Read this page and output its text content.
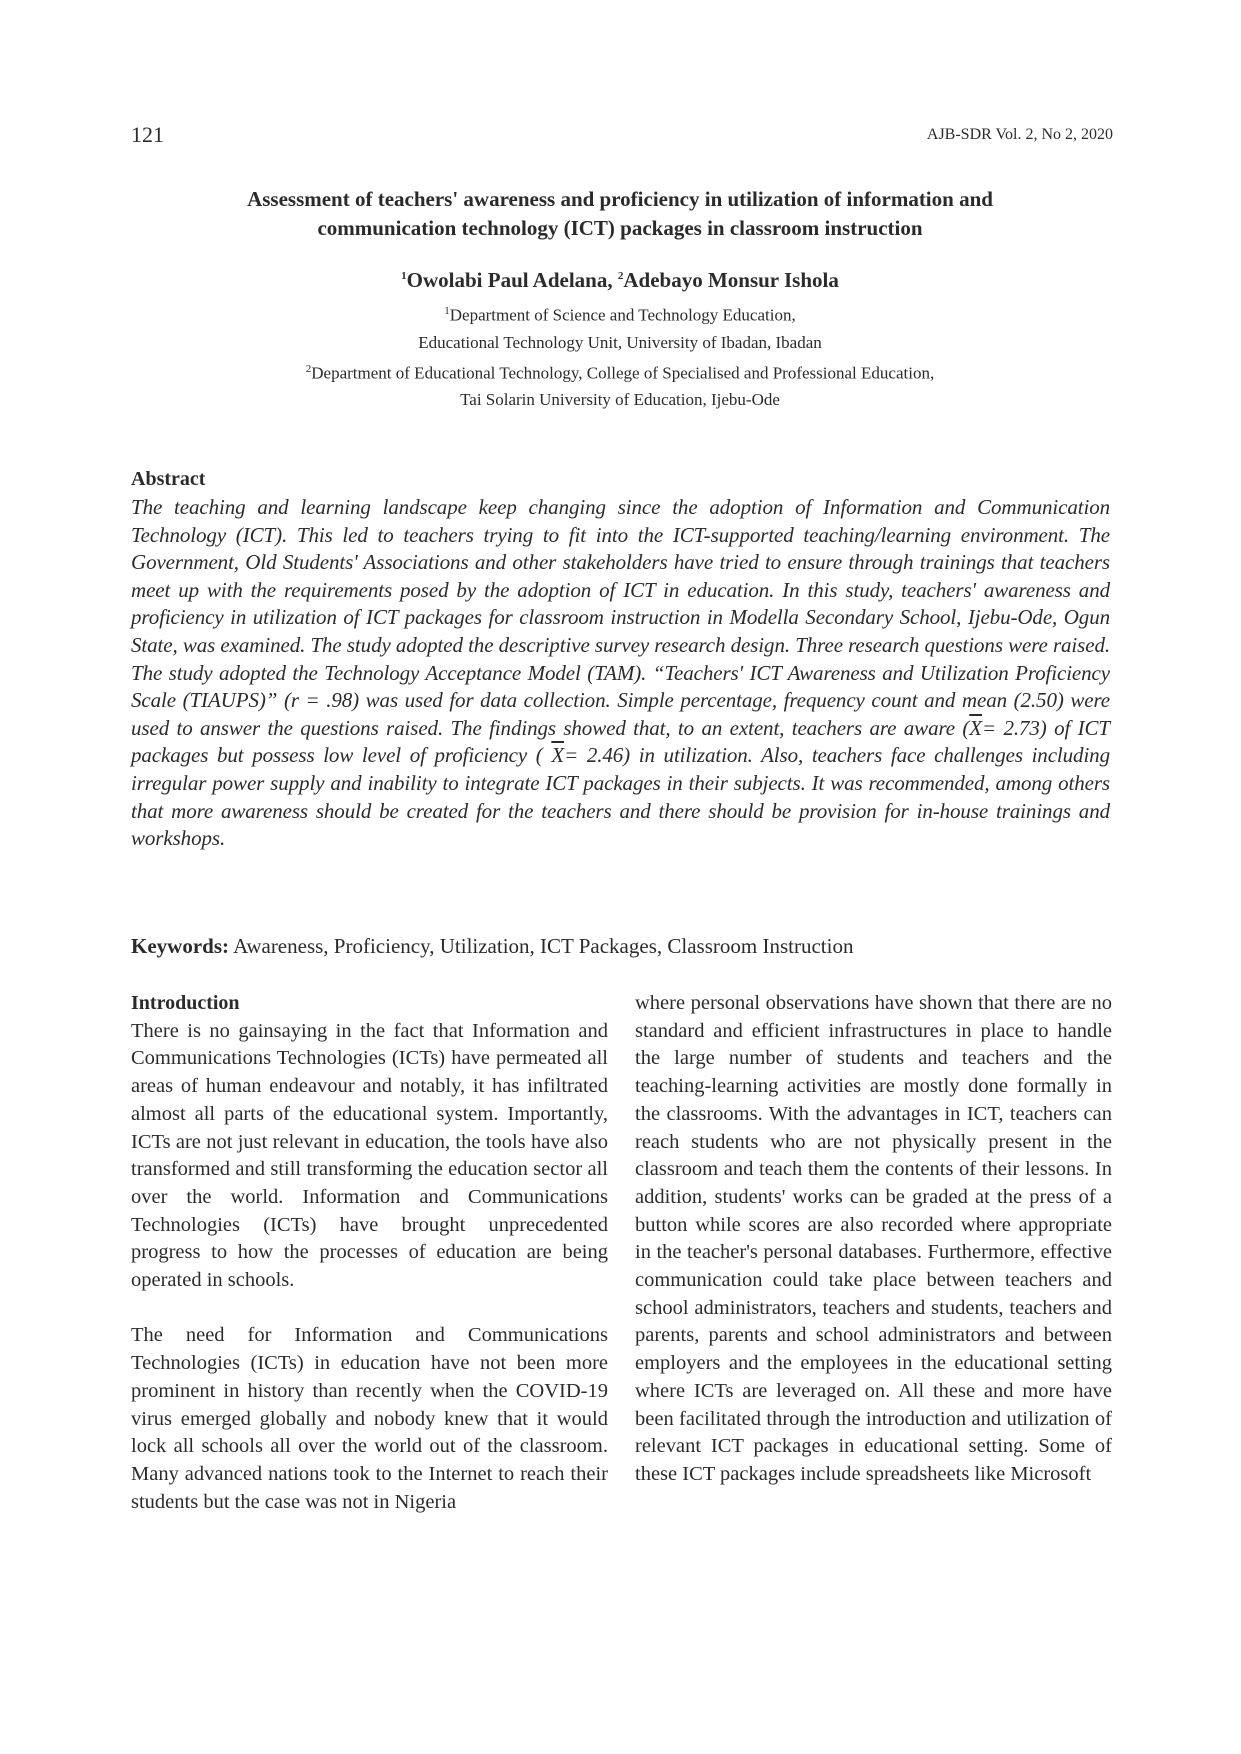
121	AJB-SDR Vol. 2, No 2, 2020
Assessment of teachers' awareness and proficiency in utilization of information and
communication technology (ICT) packages in classroom instruction
$^1$Owolabi Paul Adelana, $^2$Adebayo Monsur Ishola
$^1$Department of Science and Technology Education,
Educational Technology Unit, University of Ibadan, Ibadan
$^2$Department of Educational Technology, College of Specialised and Professional Education,
Tai Solarin University of Education, Ijebu-Ode
Abstract
The teaching and learning landscape keep changing since the adoption of Information and Communication Technology (ICT). This led to teachers trying to fit into the ICT-supported teaching/learning environment. The Government, Old Students' Associations and other stakeholders have tried to ensure through trainings that teachers meet up with the requirements posed by the adoption of ICT in education. In this study, teachers' awareness and proficiency in utilization of ICT packages for classroom instruction in Modella Secondary School, Ijebu-Ode, Ogun State, was examined. The study adopted the descriptive survey research design. Three research questions were raised. The study adopted the Technology Acceptance Model (TAM). “Teachers' ICT Awareness and Utilization Proficiency Scale (TIAUPS)” (r = .98) was used for data collection. Simple percentage, frequency count and mean (2.50) were used to answer the questions raised. The findings showed that, to an extent, teachers are aware $(\overline{X}= 2.73)$ of ICT packages but possess low level of proficiency ( $\overline{X}= 2.46$) in utilization. Also, teachers face challenges including irregular power supply and inability to integrate ICT packages in their subjects. It was recommended, among others that more awareness should be created for the teachers and there should be provision for in-house trainings and workshops.
Keywords: Awareness, Proficiency, Utilization, ICT Packages, Classroom Instruction
Introduction

There is no gainsaying in the fact that Information and Communications Technologies (ICTs) have permeated all areas of human endeavour and notably, it has infiltrated almost all parts of the educational system. Importantly, ICTs are not just relevant in education, the tools have also transformed and still transforming the education sector all over the world. Information and Communications Technologies (ICTs) have brought unprecedented progress to how the processes of education are being operated in schools.

The need for Information and Communications Technologies (ICTs) in education have not been more prominent in history than recently when the COVID-19 virus emerged globally and nobody knew that it would lock all schools all over the world out of the classroom. Many advanced nations took to the Internet to reach their students but the case was not in Nigeria

where personal observations have shown that there are no standard and efficient infrastructures in place to handle the large number of students and teachers and the teaching-learning activities are mostly done formally in the classrooms. With the advantages in ICT, teachers can reach students who are not physically present in the classroom and teach them the contents of their lessons. In addition, students' works can be graded at the press of a button while scores are also recorded where appropriate in the teacher's personal databases. Furthermore, effective communication could take place between teachers and school administrators, teachers and students, teachers and parents, parents and school administrators and between employers and the employees in the educational setting where ICTs are leveraged on. All these and more have been facilitated through the introduction and utilization of relevant ICT packages in educational setting. Some of these ICT packages include spreadsheets like Microsoft
